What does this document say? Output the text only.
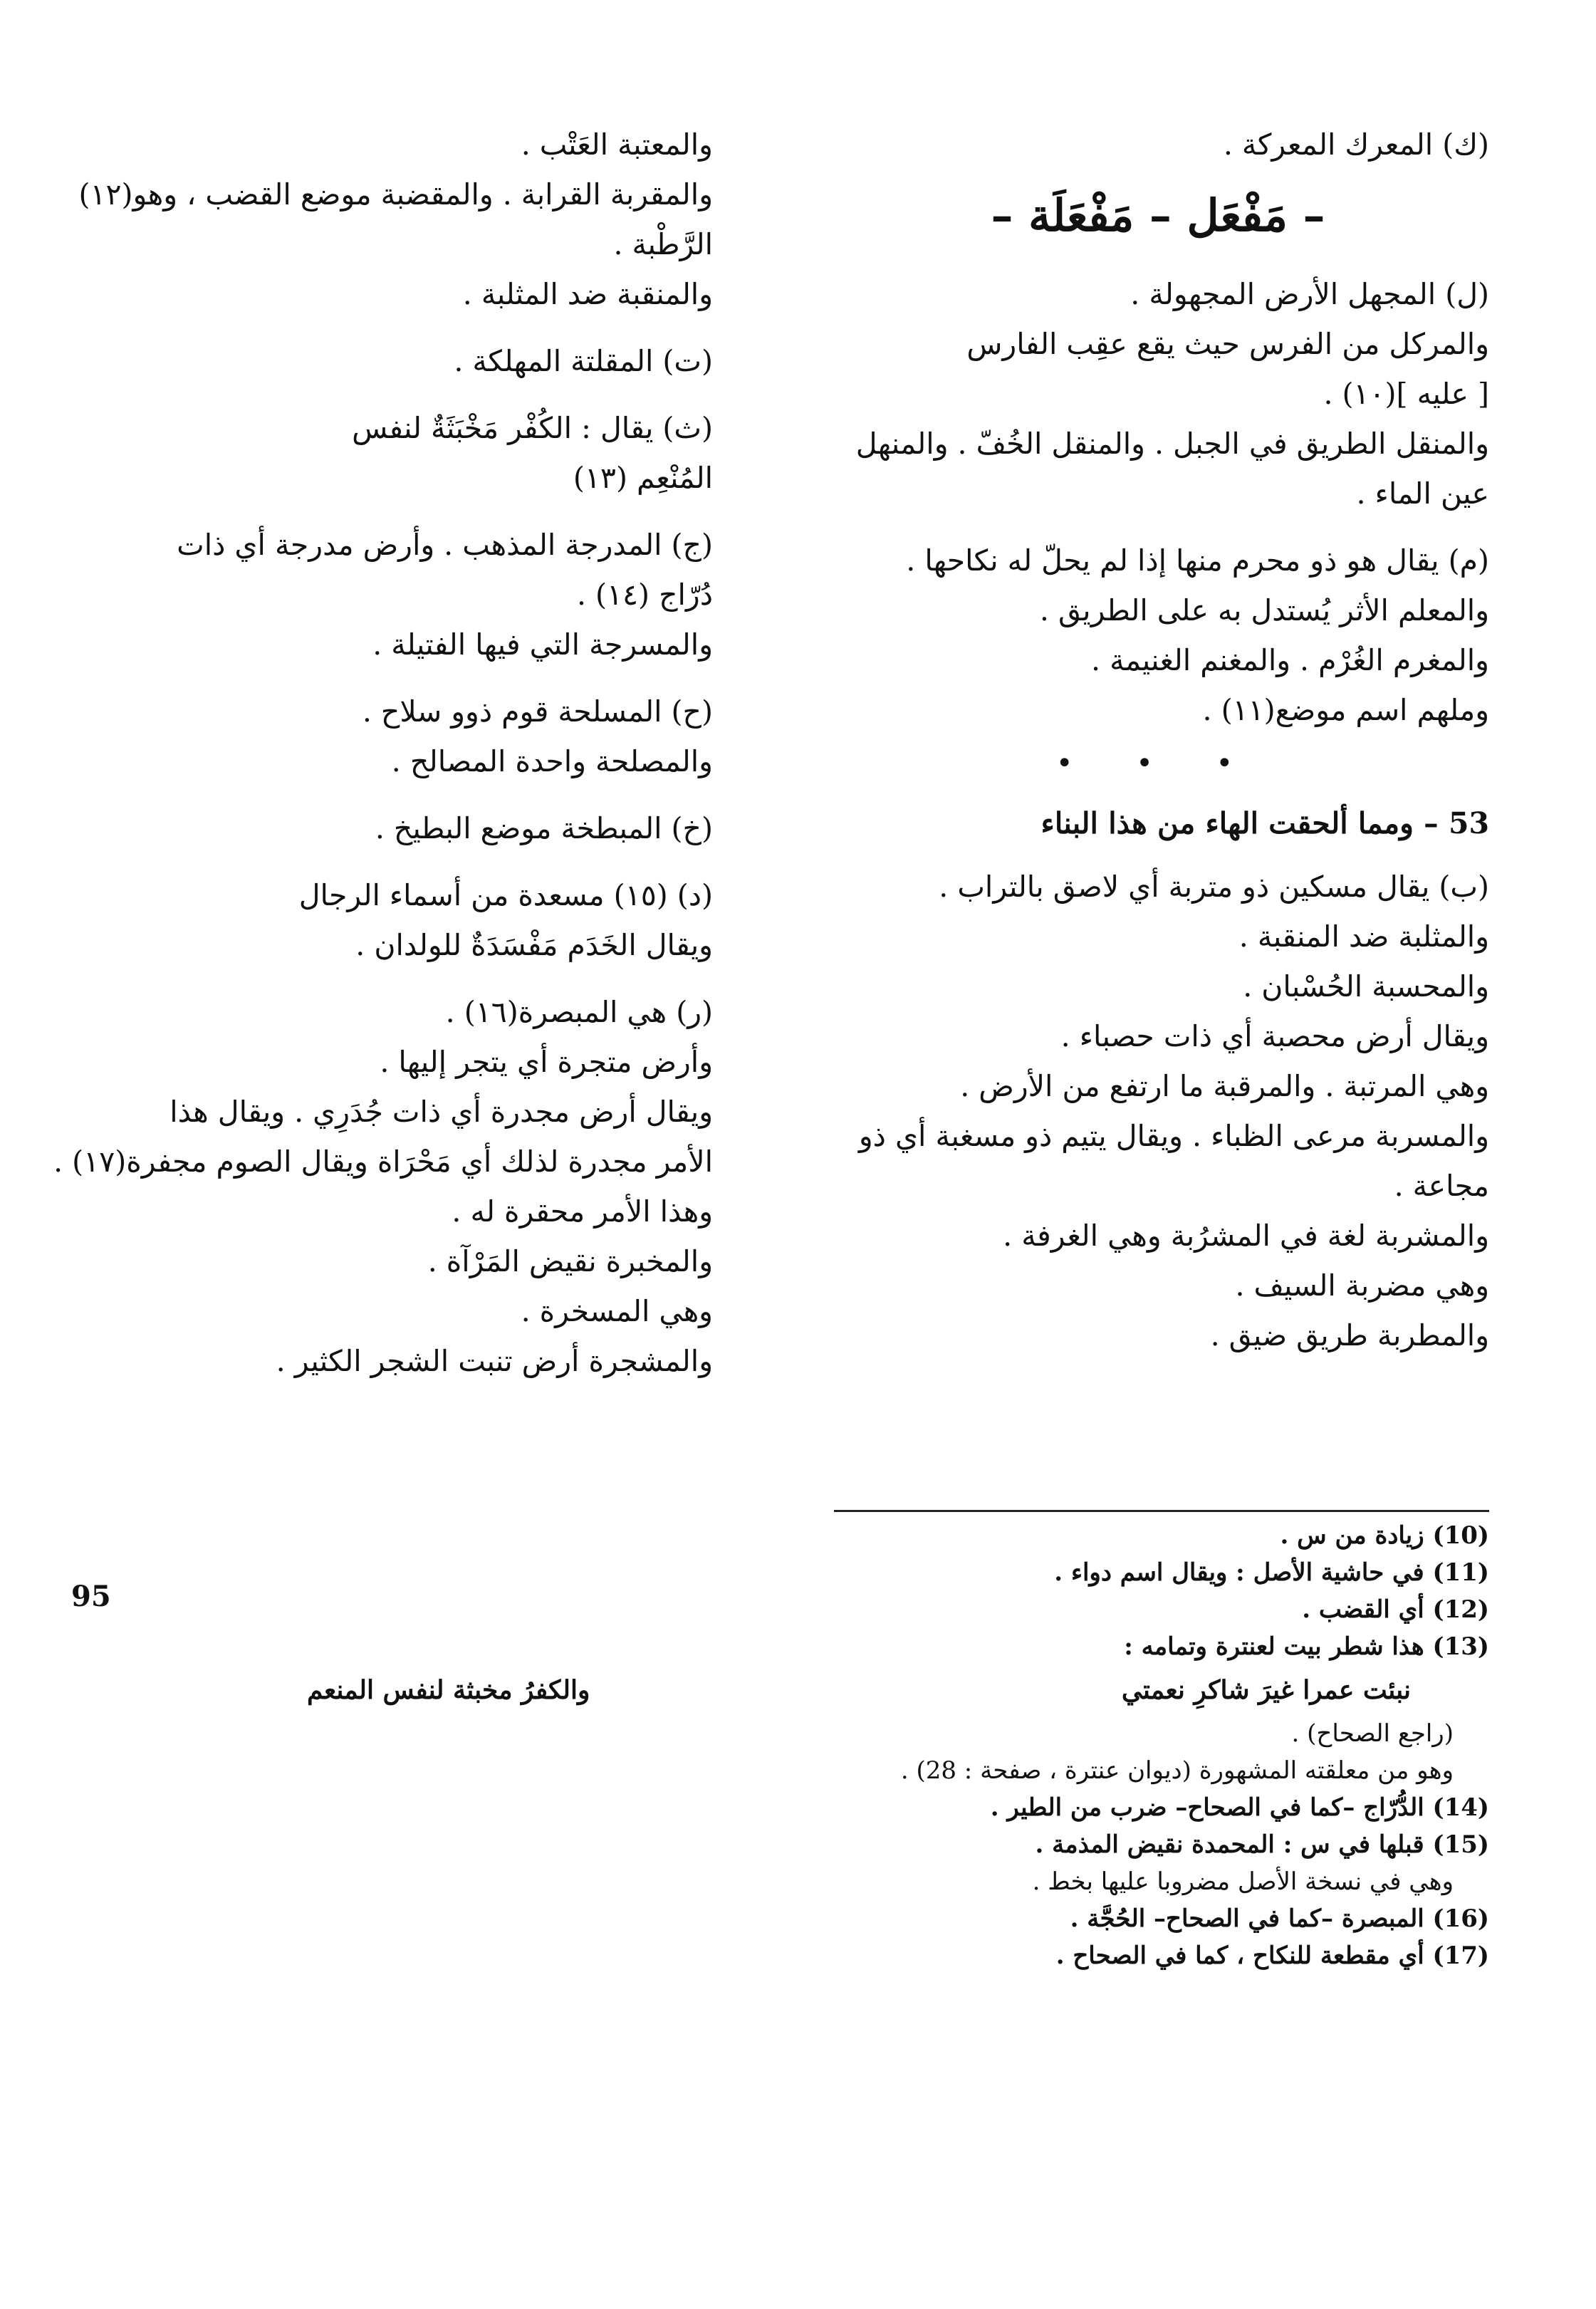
(ك) المعرك المعركة .
– مَفْعَل – مَفْعَلَة –
(ل) المجهل الأرض المجهولة .
والمركل من الفرس حيث يقع عقِب الفارس
[ عليه ](١٠) .
والمنقل الطريق في الجبل . والمنقل الخُفّ . والمنهل
عين الماء .
(م) يقال هو ذو محرم منها إذا لم يحلّ له نكاحها .
والمعلم الأثر يُستدل به على الطريق .
والمغرم الغُرْم . والمغنم الغنيمة .
وملهم اسم موضع(١١) .
• • •
53 – ومما ألحقت الهاء من هذا البناء
(ب) يقال مسكين ذو متربة أي لاصق بالتراب .
والمثلبة ضد المنقبة .
والمحسبة الحُسْبان .
ويقال أرض محصبة أي ذات حصباء .
وهي المرتبة . والمرقبة ما ارتفع من الأرض .
والمسربة مرعى الظباء . ويقال يتيم ذو مسغبة أي ذو
مجاعة .
والمشربة لغة في المشرُبة وهي الغرفة .
وهي مضربة السيف .
والمطربة طريق ضيق .
والمعتبة العَتْب .
والمقربة القرابة . والمقضبة موضع القضب ، وهو(١٢)
الرَّطْبة .
والمنقبة ضد المثلبة .
(ت) المقلتة المهلكة .
(ث) يقال : الكُفْر مَخْبَثَةٌ لنفس
المُنْعِم (١٣)
(ج) المدرجة المذهب . وأرض مدرجة أي ذات
دُرّاج (١٤) .
والمسرجة التي فيها الفتيلة .
(ح) المسلحة قوم ذوو سلاح .
والمصلحة واحدة المصالح .
(خ) المبطخة موضع البطيخ .
(د) (١٥) مسعدة من أسماء الرجال
ويقال الخَدَم مَفْسَدَةٌ للولدان .
(ر) هي المبصرة(١٦) .
وأرض متجرة أي يتجر إليها .
ويقال أرض مجدرة أي ذات جُدَرِي . ويقال هذا
الأمر مجدرة لذلك أي مَحْرَاة ويقال الصوم مجفرة(١٧) .
وهذا الأمر محقرة له .
والمخبرة نقيض المَرْآة .
وهي المسخرة .
والمشجرة أرض تنبت الشجر الكثير .
(10) زيادة من س .
(11) في حاشية الأصل : ويقال اسم دواء .
(12) أي القضب .
(13) هذا شطر بيت لعنترة وتمامه :
نبئت عمرا غيرَ شاكرِ نعمتي
والكفرُ مخبثة لنفس المنعم
(راجع الصحاح) .
وهو من معلقته المشهورة (ديوان عنترة ، صفحة : 28) .
(14) الدُّرّاج –كما في الصحاح– ضرب من الطير .
(15) قبلها في س : المحمدة نقيض المذمة .
وهي في نسخة الأصل مضروبا عليها بخط .
(16) المبصرة –كما في الصحاح– الحُجَّة .
(17) أي مقطعة للنكاح ، كما في الصحاح .
95
